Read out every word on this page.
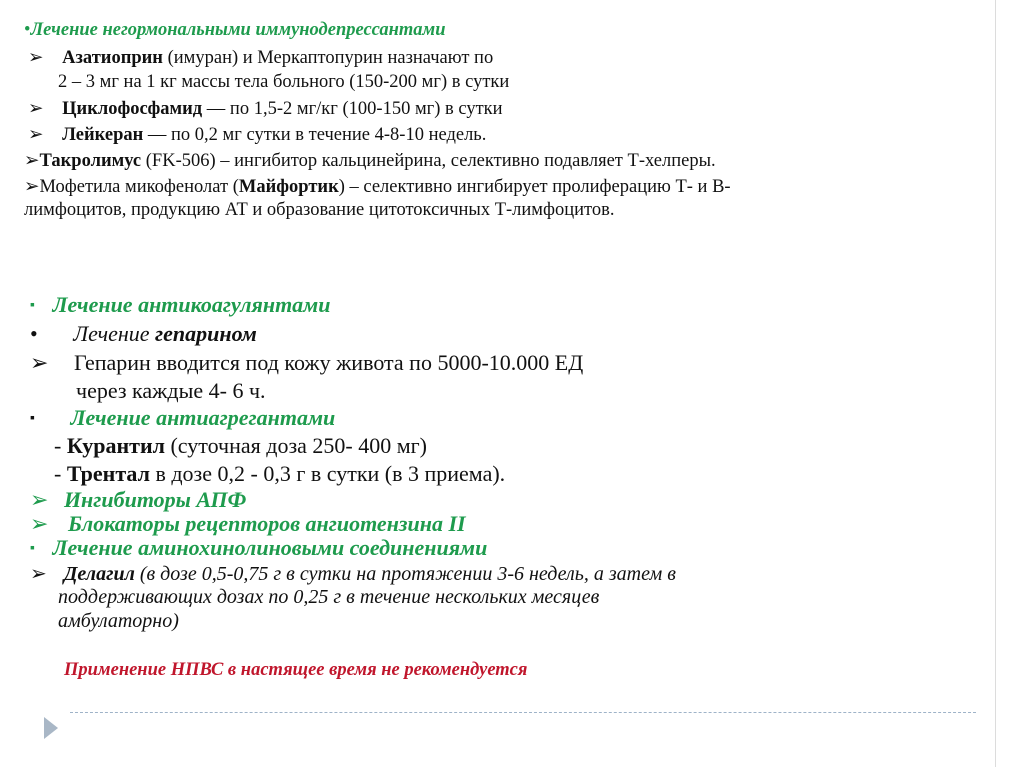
•Лечение негормональными иммунодепрессантами
➢ Азатиоприн (имуран) и Меркаптопурин назначают по
2 – 3 мг на 1 кг массы тела больного (150-200 мг) в сутки
➢ Циклофосфамид — по 1,5-2 мг/кг (100-150 мг) в сутки
➢ Лейкеран — по 0,2 мг сутки в течение 4-8-10 недель.
➢Такролимус (FK-506) – ингибитор кальцинейрина, селективно подавляет Т-хелперы.
➢Мофетила микофенолат (Майфортик) – селективно ингибирует пролиферацию Т- и В-
лимфоцитов, продукцию АТ и образование цитотоксичных Т-лимфоцитов.
▪ Лечение антикоагулянтами
• Лечение гепарином
➢ Гепарин вводится под кожу живота по 5000-10.000 ЕД
через каждые 4- 6 ч.
▪ Лечение антиагрегантами
- Курантил (суточная доза 250- 400 мг)
- Трентал в дозе 0,2 - 0,3 г в сутки (в 3 приема).
➢ Ингибиторы АПФ
➢ Блокаторы рецепторов ангиотензина II
▪ Лечение аминохинолиновыми соединениями
➢ Делагил (в дозе 0,5-0,75 г в сутки на протяжении 3-6 недель, а затем в
поддерживающих дозах по 0,25 г в течение нескольких месяцев
амбулаторно)
Применение НПВС в настящее время не рекомендуется
